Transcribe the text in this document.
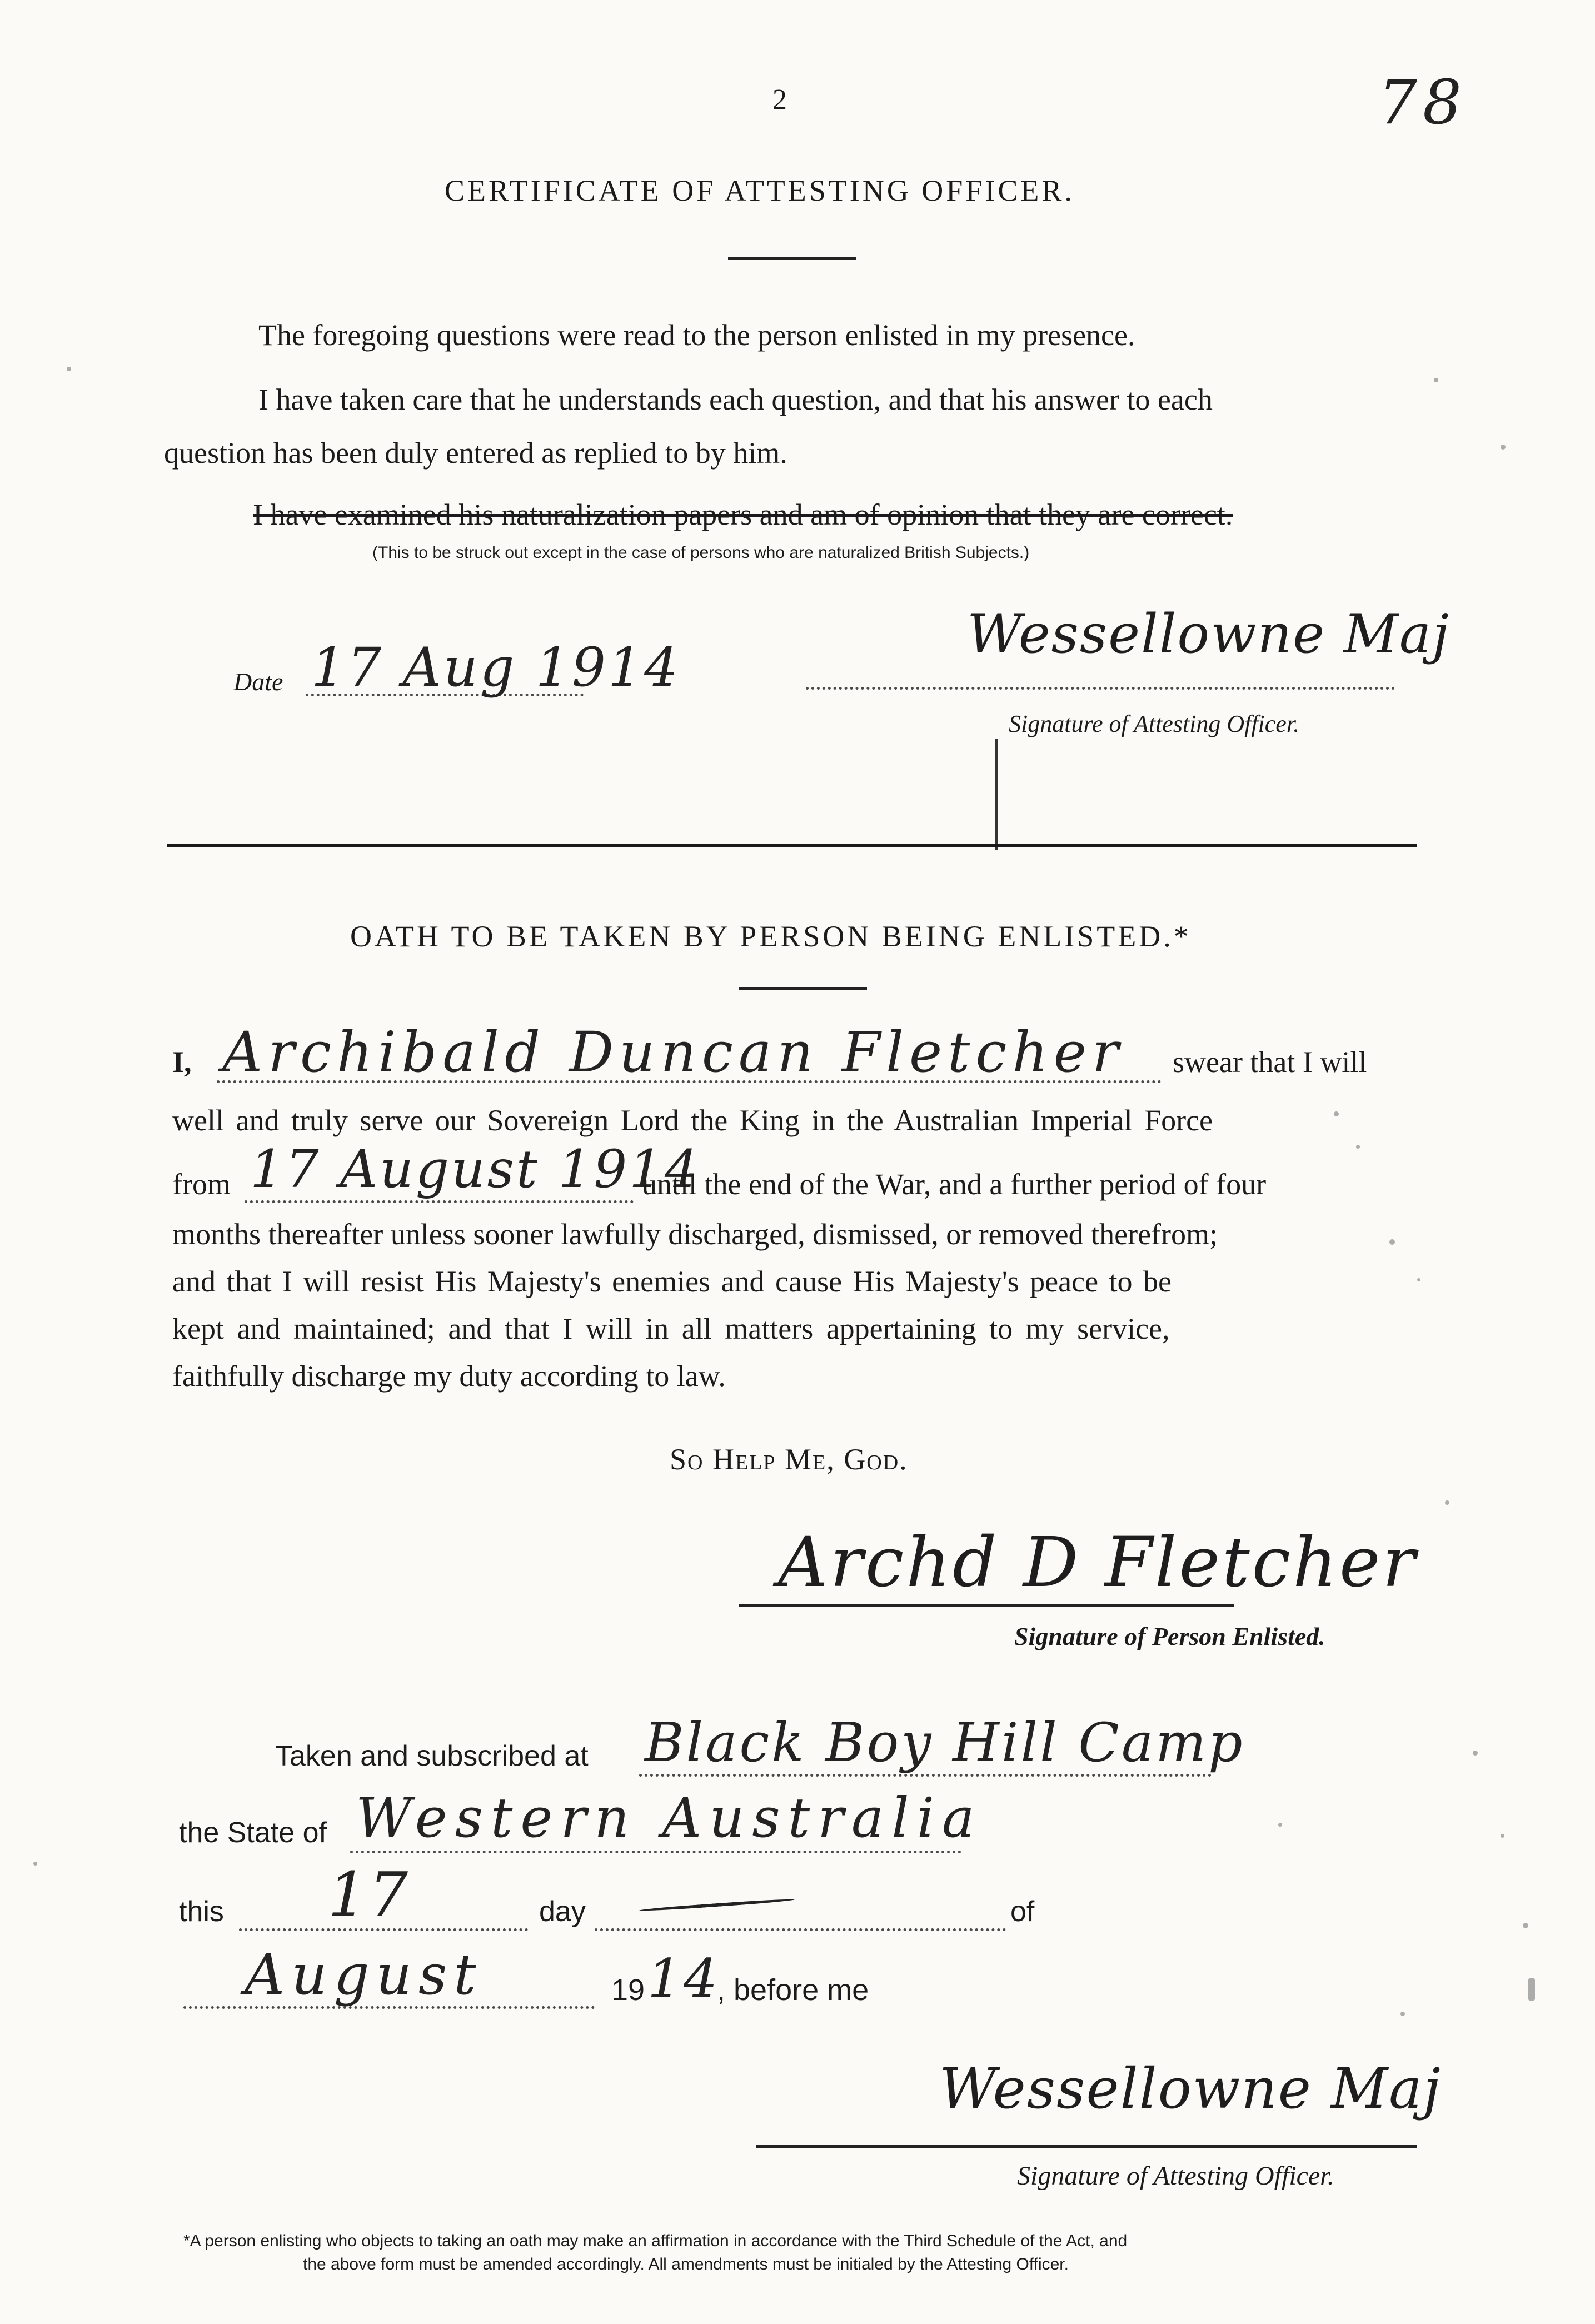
2	78
CERTIFICATE OF ATTESTING OFFICER.
The foregoing questions were read to the person enlisted in my presence.
I have taken care that he understands each question, and that his answer to each
question has been duly entered as replied to by him.
I have examined his naturalization papers and am of opinion that they are correct.
(This to be struck out except in the case of persons who are naturalized British Subjects.)
Date 17 Aug 1914
Wessellowne Maj
Signature of Attesting Officer.
OATH TO BE TAKEN BY PERSON BEING ENLISTED.*
I, Archibald Duncan Fletcher swear that I will
well and truly serve our Sovereign Lord the King in the Australian Imperial Force
from 17 August 1914
until the end of the War, and a further period of four
months thereafter unless sooner lawfully discharged, dismissed, or removed therefrom;
and that I will resist His Majesty's enemies and cause His Majesty's peace to be
kept and maintained; and that I will in all matters appertaining to my service,
faithfully discharge my duty according to law.
So Help Me, God.
Archd D Fletcher
Signature of Person Enlisted.
Taken and subscribed at Black Boy Hill Camp
the State of Western Australia
this 17	day	of
August	19 14
, before me
Wessellowne Maj
Signature of Attesting Officer.
*A person enlisting who objects to taking an oath may make an affirmation in accordance with the Third Schedule of the Act, and
the above form must be amended accordingly. All amendments must be initialed by the Attesting Officer.
